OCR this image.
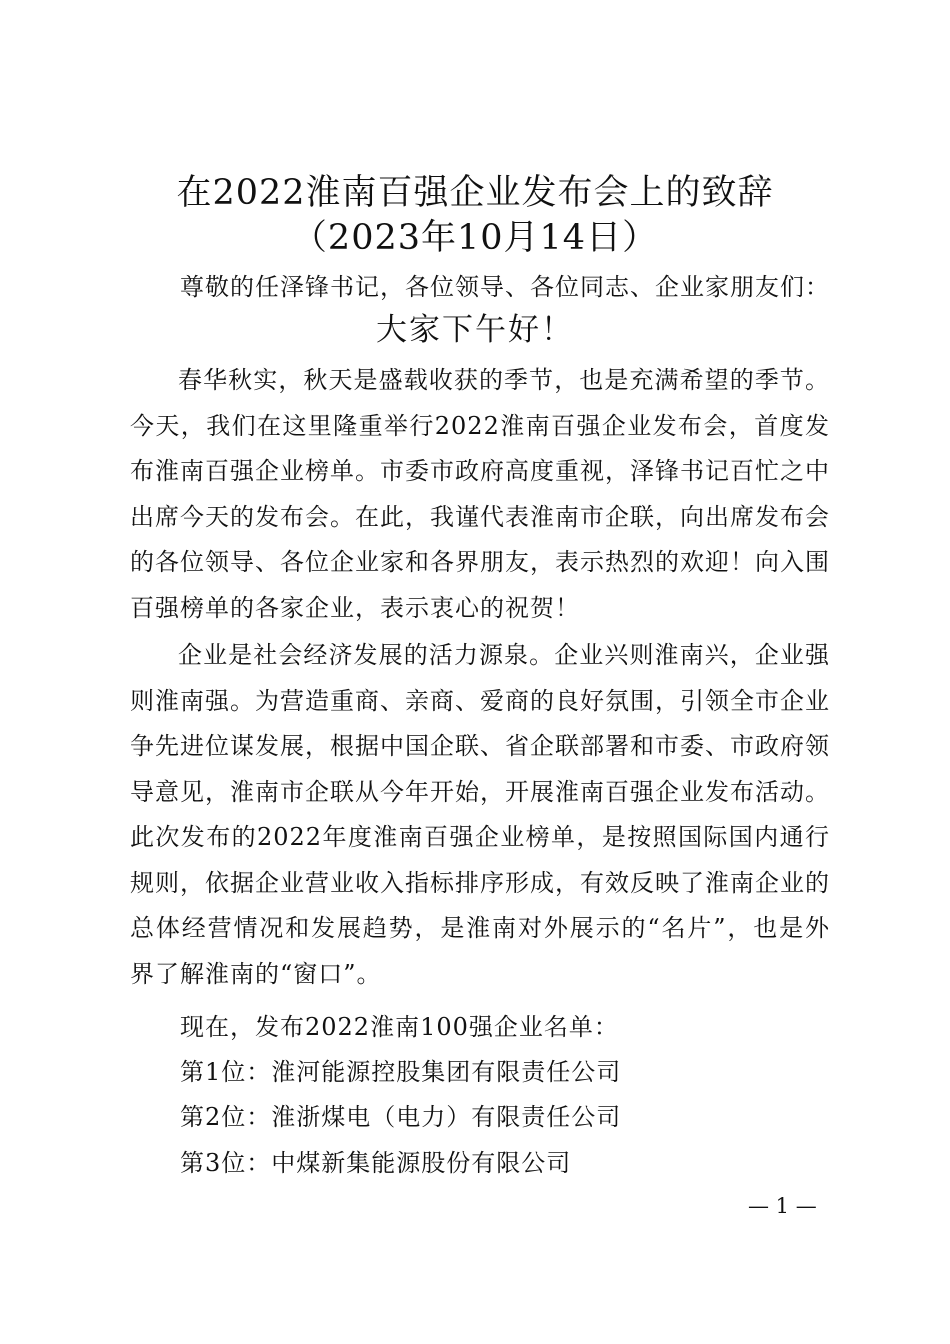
在2022淮南百强企业发布会上的致辞
（2023年10月14日）
尊敬的任泽锋书记，各位领导、各位同志、企业家朋友们：
大家下午好！

春华秋实，秋天是盛载收获的季节，也是充满希望的季节。今天，我们在这里隆重举行2022淮南百强企业发布会，首度发布淮南百强企业榜单。市委市政府高度重视，泽锋书记百忙之中出席今天的发布会。在此，我谨代表淮南市企联，向出席发布会的各位领导、各位企业家和各界朋友，表示热烈的欢迎！向入围百强榜单的各家企业，表示衷心的祝贺！

企业是社会经济发展的活力源泉。企业兴则淮南兴，企业强则淮南强。为营造重商、亲商、爱商的良好氛围，引领全市企业争先进位谋发展，根据中国企联、省企联部署和市委、市政府领导意见，淮南市企联从今年开始，开展淮南百强企业发布活动。此次发布的2022年度淮南百强企业榜单，是按照国际国内通行规则，依据企业营业收入指标排序形成，有效反映了淮南企业的总体经营情况和发展趋势，是淮南对外展示的“名片”，也是外界了解淮南的“窗口”。

现在，发布2022淮南100强企业名单：
第1位：淮河能源控股集团有限责任公司
第2位：淮浙煤电（电力）有限责任公司
第3位：中煤新集能源股份有限公司
— 1 —
